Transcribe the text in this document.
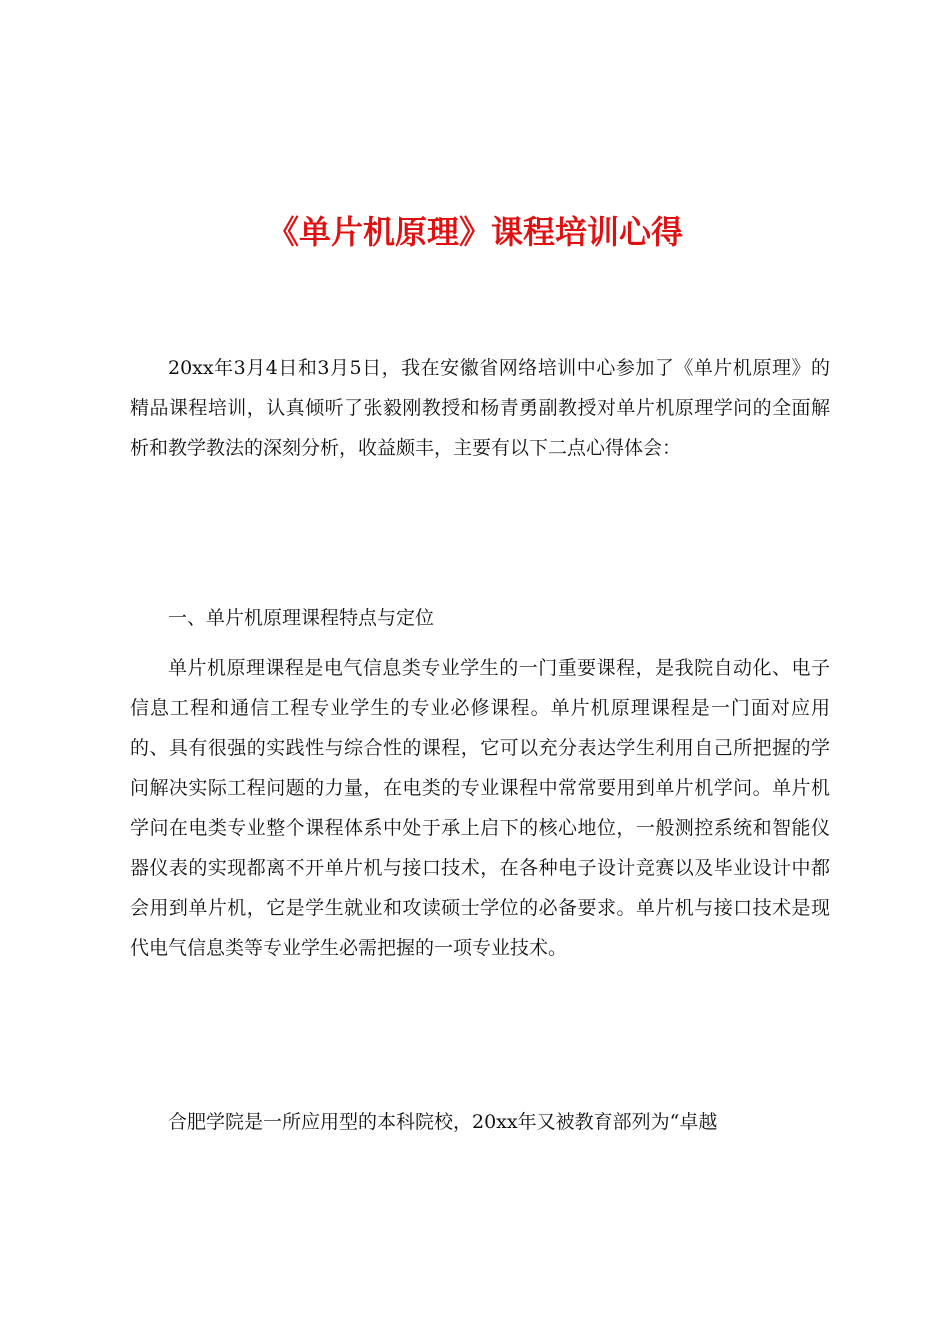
《单片机原理》课程培训心得

20xx年3月4日和3月5日，我在安徽省网络培训中心参加了《单片机原理》的精品课程培训，认真倾听了张毅刚教授和杨青勇副教授对单片机原理学问的全面解析和教学教法的深刻分析，收益颇丰，主要有以下二点心得体会：

一、单片机原理课程特点与定位

单片机原理课程是电气信息类专业学生的一门重要课程，是我院自动化、电子信息工程和通信工程专业学生的专业必修课程。单片机原理课程是一门面对应用的、具有很强的实践性与综合性的课程，它可以充分表达学生利用自己所把握的学问解决实际工程问题的力量，在电类的专业课程中常常要用到单片机学问。单片机学问在电类专业整个课程体系中处于承上启下的核心地位，一般测控系统和智能仪器仪表的实现都离不开单片机与接口技术，在各种电子设计竞赛以及毕业设计中都会用到单片机，它是学生就业和攻读硕士学位的必备要求。单片机与接口技术是现代电气信息类等专业学生必需把握的一项专业技术。

合肥学院是一所应用型的本科院校，20xx年又被教育部列为“卓越
